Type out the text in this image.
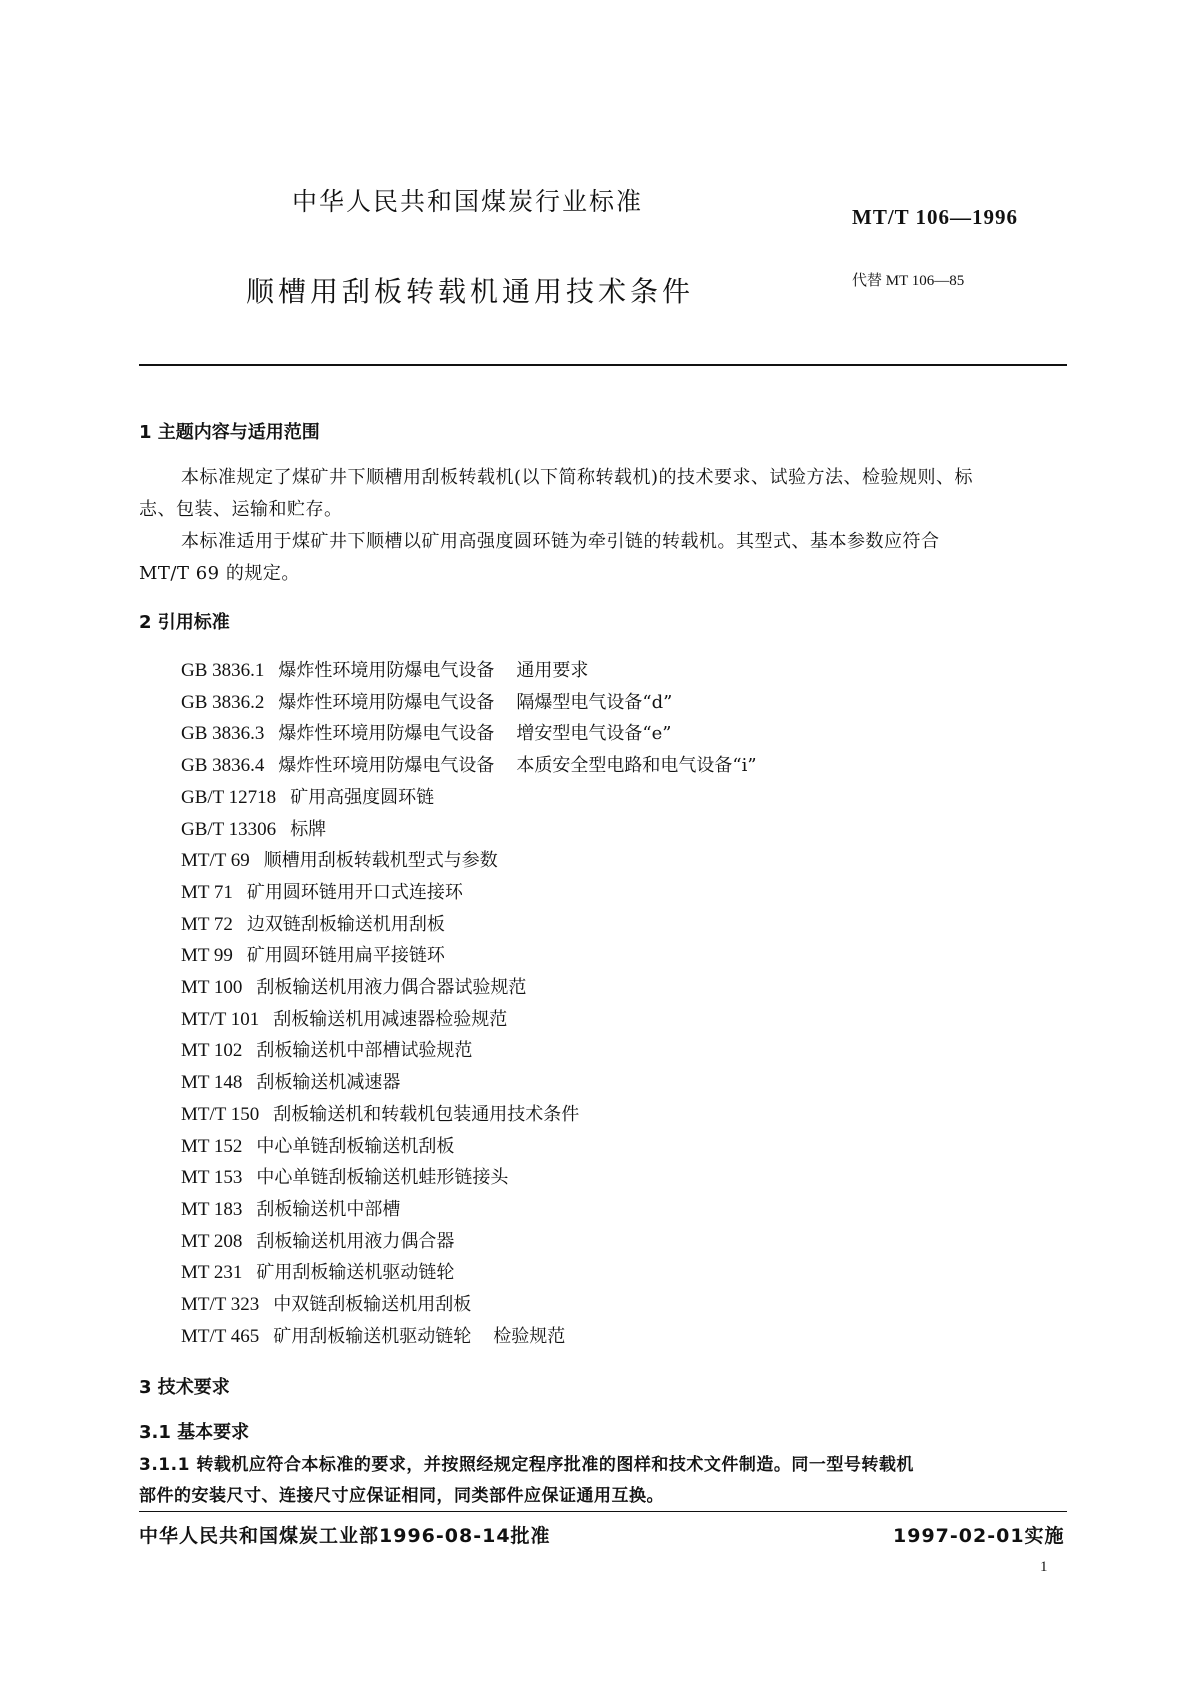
中华人民共和国煤炭行业标准
MT/T 106—1996
顺槽用刮板转载机通用技术条件	代替 MT 106—85
1 主题内容与适用范围
本标准规定了煤矿井下顺槽用刮板转载机(以下简称转载机)的技术要求、试验方法、检验规则、标
志、包装、运输和贮存。
本标准适用于煤矿井下顺槽以矿用高强度圆环链为牵引链的转载机。其型式、基本参数应符合
MT/T 69 的规定。
2 引用标准
GB 3836.1 爆炸性环境用防爆电气设备 通用要求
GB 3836.2 爆炸性环境用防爆电气设备 隔爆型电气设备“d”
GB 3836.3 爆炸性环境用防爆电气设备 增安型电气设备“e”
GB 3836.4 爆炸性环境用防爆电气设备 本质安全型电路和电气设备“i”
GB/T 12718 矿用高强度圆环链
GB/T 13306 标牌
MT/T 69 顺槽用刮板转载机型式与参数
MT 71 矿用圆环链用开口式连接环
MT 72 边双链刮板输送机用刮板
MT 99 矿用圆环链用扁平接链环
MT 100 刮板输送机用液力偶合器试验规范
MT/T 101 刮板输送机用减速器检验规范
MT 102 刮板输送机中部槽试验规范
MT 148 刮板输送机减速器
MT/T 150 刮板输送机和转载机包装通用技术条件
MT 152 中心单链刮板输送机刮板
MT 153 中心单链刮板输送机蛙形链接头
MT 183 刮板输送机中部槽
MT 208 刮板输送机用液力偶合器
MT 231 矿用刮板输送机驱动链轮
MT/T 323 中双链刮板输送机用刮板
MT/T 465 矿用刮板输送机驱动链轮 检验规范
3 技术要求
3.1 基本要求
3.1.1 转载机应符合本标准的要求，并按照经规定程序批准的图样和技术文件制造。同一型号转载机
部件的安装尺寸、连接尺寸应保证相同，同类部件应保证通用互换。
中华人民共和国煤炭工业部1996-08-14批准	1997-02-01实施
1
